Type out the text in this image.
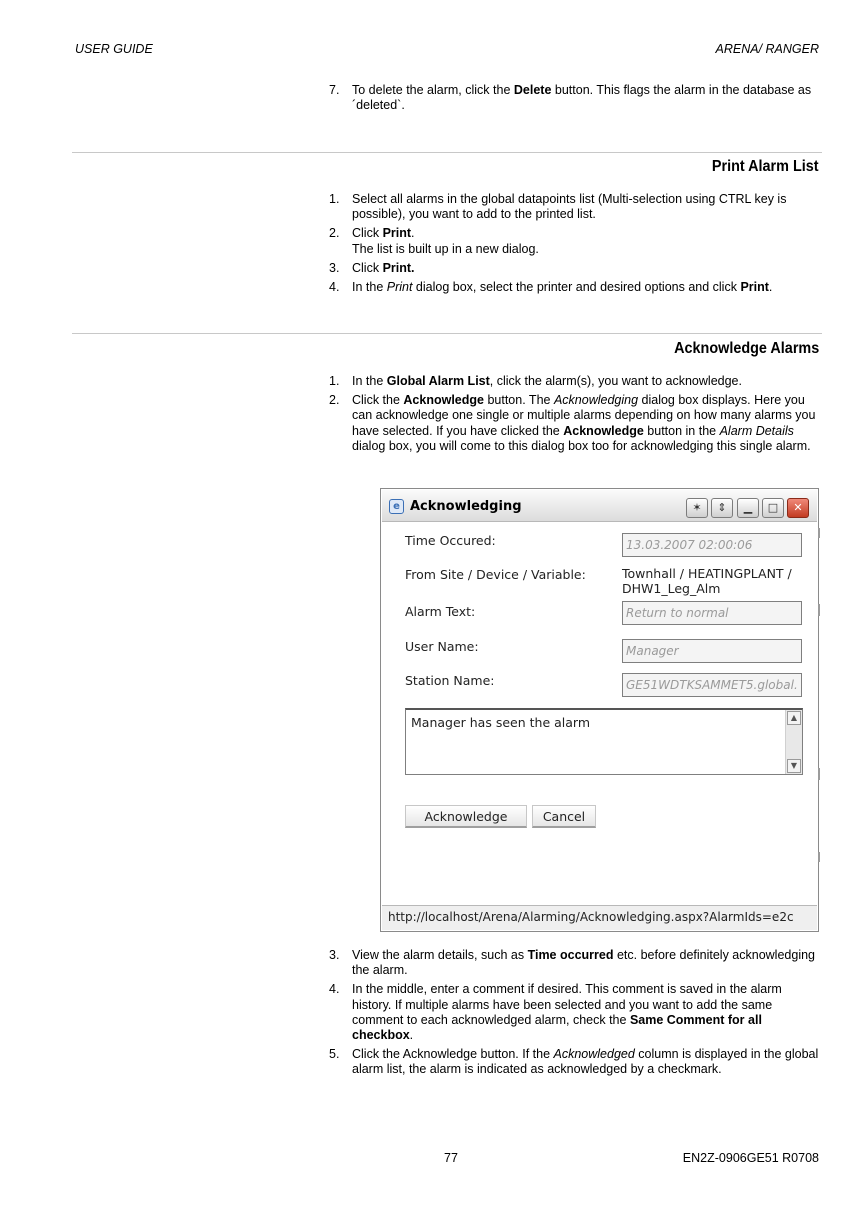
USER GUIDE	ARENA/ RANGER
7. To delete the alarm, click the Delete button. This flags the alarm in the database as ´deleted`.
Print Alarm List
1. Select all alarms in the global datapoints list (Multi-selection using CTRL key is possible), you want to add to the printed list.
2. Click Print.
The list is built up in a new dialog.
3. Click Print.
4. In the Print dialog box, select the printer and desired options and click Print.
Acknowledge Alarms
1. In the Global Alarm List, click the alarm(s), you want to acknowledge.
2. Click the Acknowledge button. The Acknowledging dialog box displays. Here you can acknowledge one single or multiple alarms depending on how many alarms you have selected. If you have clicked the Acknowledge button in the Alarm Details dialog box, you will come to this dialog box too for acknowledging this single alarm.
e Acknowledging	✶	⇕	▁	□	✕
Time Occured:	13.03.2007 02:00:06
From Site / Device / Variable:	Townhall / HEATINGPLANT /
DHW1_Leg_Alm
Alarm Text:	Return to normal
User Name:	Manager
Station Name:	GE51WDTKSAMMET5.global.
Manager has seen the alarm	▲
▼
Acknowledge	Cancel
http://localhost/Arena/Alarming/Acknowledging.aspx?AlarmIds=e2c
3. View the alarm details, such as Time occurred etc. before definitely acknowledging the alarm.
4. In the middle, enter a comment if desired. This comment is saved in the alarm history. If multiple alarms have been selected and you want to add the same comment to each acknowledged alarm, check the Same Comment for all checkbox.
5. Click the Acknowledge button. If the Acknowledged column is displayed in the global alarm list, the alarm is indicated as acknowledged by a checkmark.
77	EN2Z-0906GE51 R0708
